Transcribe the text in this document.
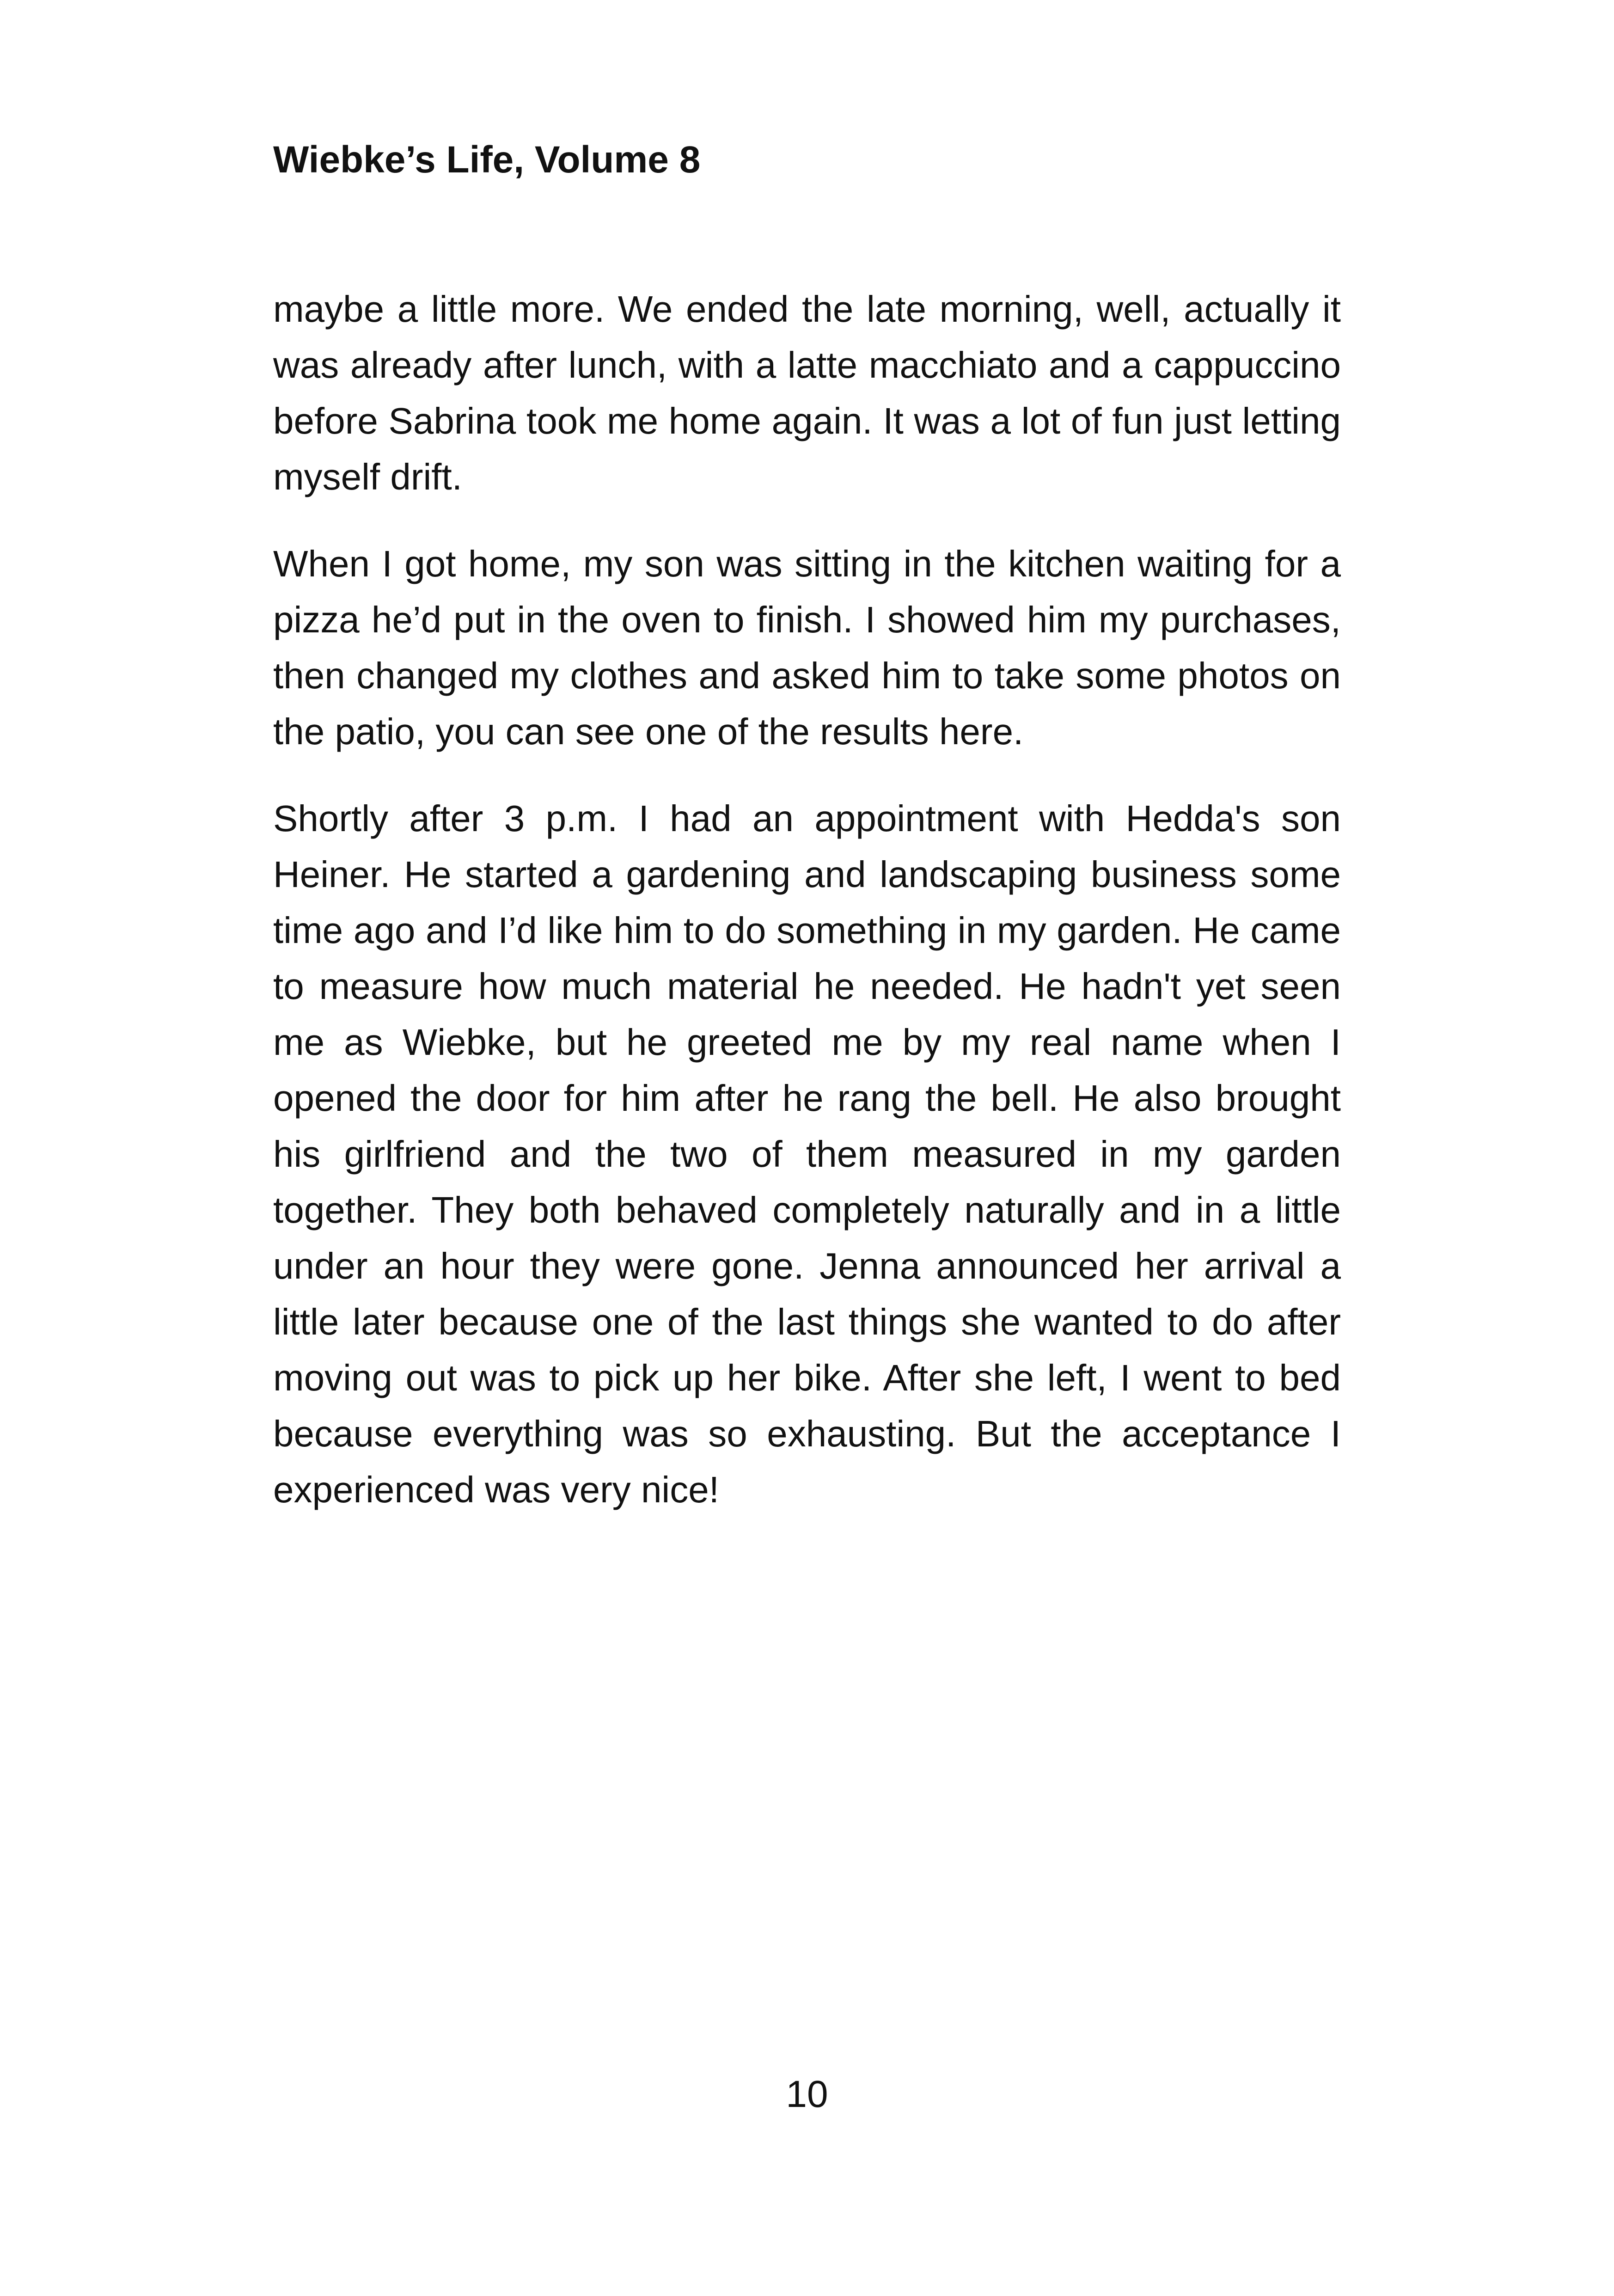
Wiebke’s Life, Volume 8

maybe a little more. We ended the late morning, well, actually it was already after lunch, with a latte macchiato and a cappuccino before Sabrina took me home again. It was a lot of fun just letting myself drift.

When I got home, my son was sitting in the kitchen waiting for a pizza he’d put in the oven to finish. I showed him my purchases, then changed my clothes and asked him to take some photos on the patio, you can see one of the results here.

Shortly after 3 p.m. I had an appointment with Hedda's son Heiner. He started a gardening and landscaping business some time ago and I’d like him to do something in my garden. He came to measure how much material he needed. He hadn't yet seen me as Wiebke, but he greeted me by my real name when I opened the door for him after he rang the bell. He also brought his girlfriend and the two of them measured in my garden together. They both behaved completely naturally and in a little under an hour they were gone. Jenna announced her arrival a little later because one of the last things she wanted to do after moving out was to pick up her bike. After she left, I went to bed because everything was so exhausting. But the acceptance I experienced was very nice!

10
